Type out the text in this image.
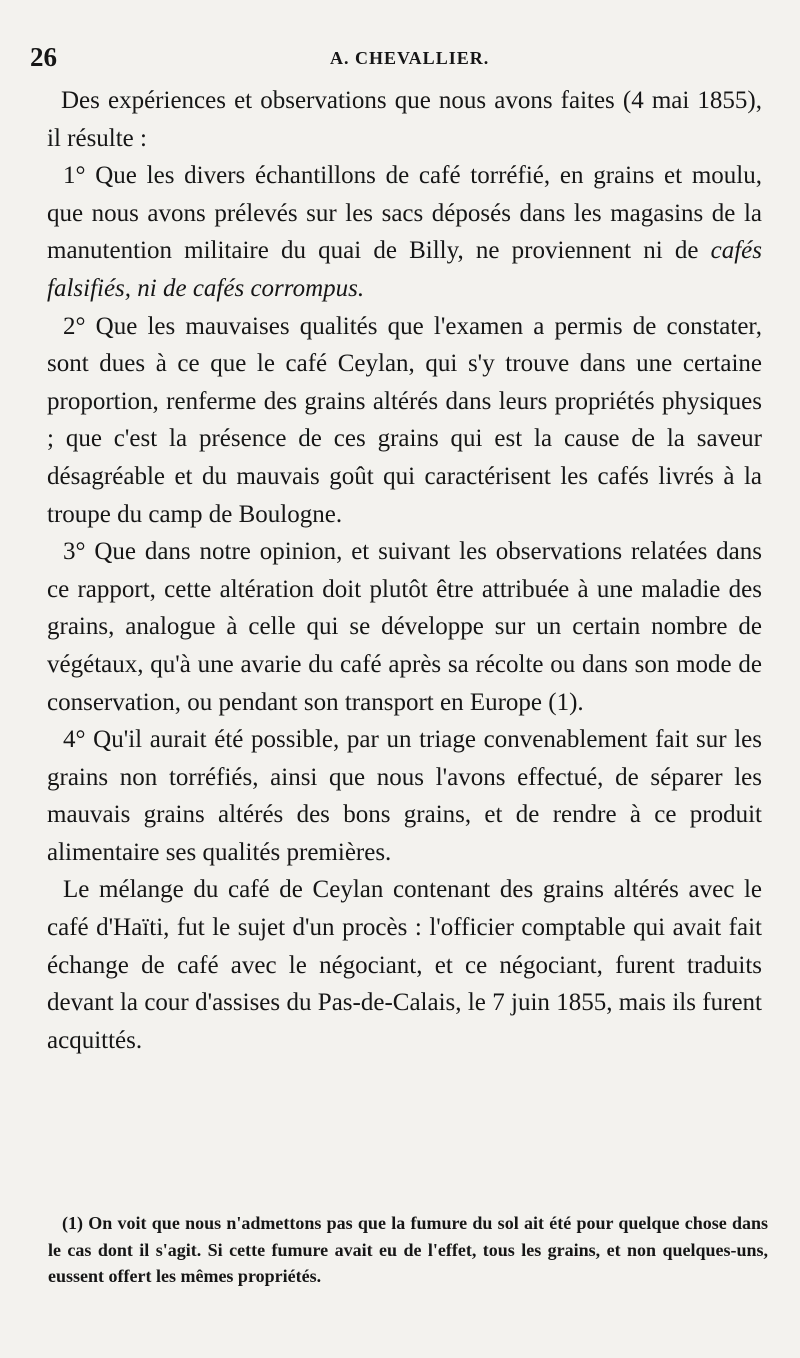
26	A. CHEVALLIER.

Des expériences et observations que nous avons faites (4 mai 1855), il résulte :

1° Que les divers échantillons de café torréfié, en grains et moulu, que nous avons prélevés sur les sacs déposés dans les magasins de la manutention militaire du quai de Billy, ne proviennent ni de cafés falsifiés, ni de cafés corrompus.

2° Que les mauvaises qualités que l'examen a permis de constater, sont dues à ce que le café Ceylan, qui s'y trouve dans une certaine proportion, renferme des grains altérés dans leurs propriétés physiques ; que c'est la présence de ces grains qui est la cause de la saveur désagréable et du mauvais goût qui caractérisent les cafés livrés à la troupe du camp de Boulogne.

3° Que dans notre opinion, et suivant les observations relatées dans ce rapport, cette altération doit plutôt être attribuée à une maladie des grains, analogue à celle qui se développe sur un certain nombre de végétaux, qu'à une avarie du café après sa récolte ou dans son mode de conservation, ou pendant son transport en Europe (1).

4° Qu'il aurait été possible, par un triage convenablement fait sur les grains non torréfiés, ainsi que nous l'avons effectué, de séparer les mauvais grains altérés des bons grains, et de rendre à ce produit alimentaire ses qualités premières.

Le mélange du café de Ceylan contenant des grains altérés avec le café d'Haïti, fut le sujet d'un procès : l'officier comptable qui avait fait échange de café avec le négociant, et ce négociant, furent traduits devant la cour d'assises du Pas-de-Calais, le 7 juin 1855, mais ils furent acquittés.

(1) On voit que nous n'admettons pas que la fumure du sol ait été pour quelque chose dans le cas dont il s'agit. Si cette fumure avait eu de l'effet, tous les grains, et non quelques-uns, eussent offert les mêmes propriétés.
